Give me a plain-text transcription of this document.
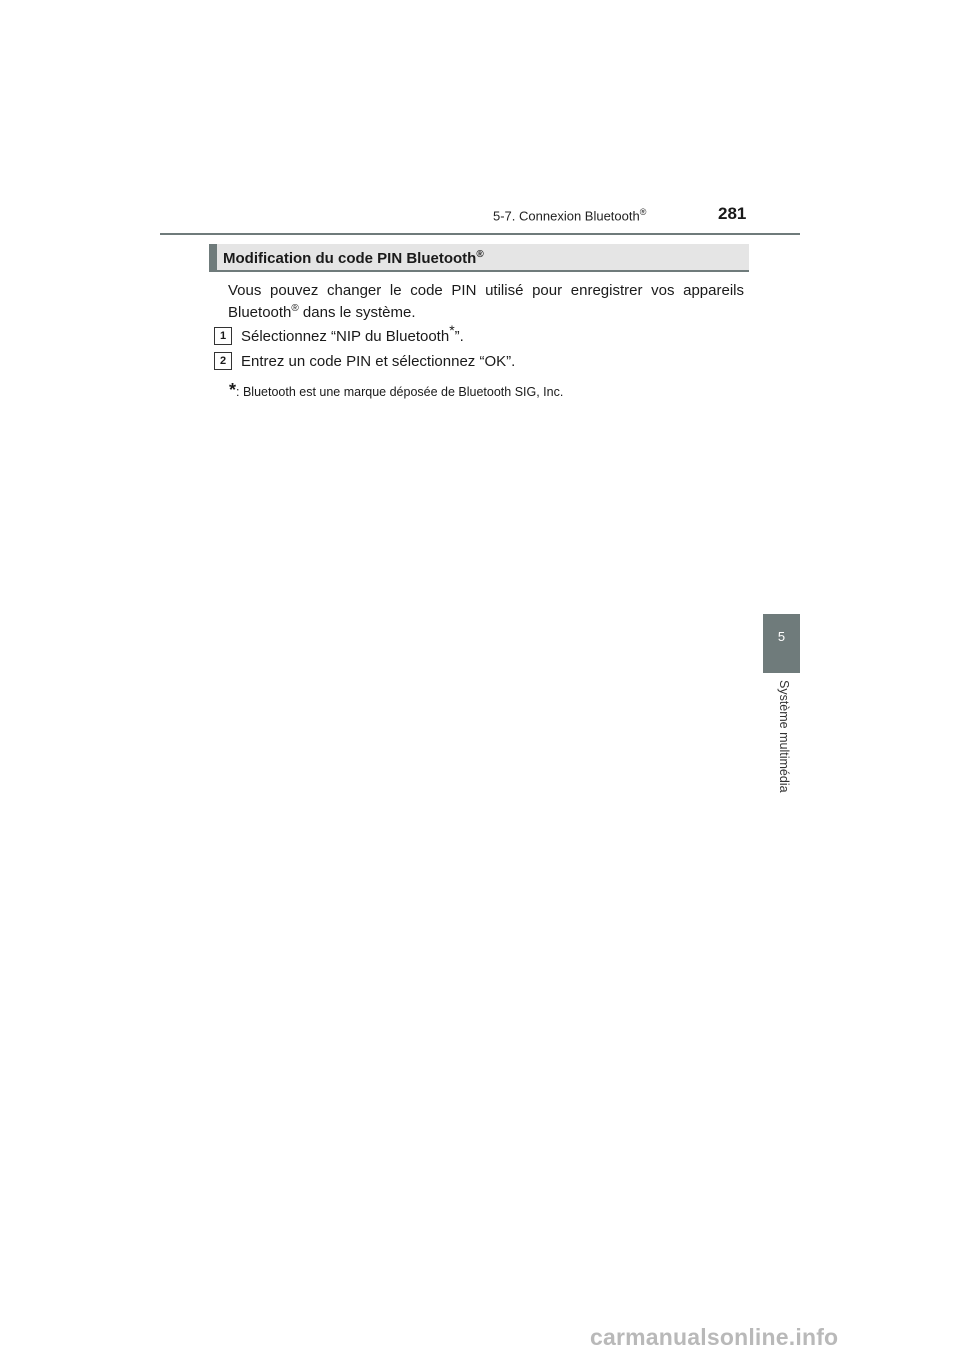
5-7. Connexion Bluetooth®	281
Modification du code PIN Bluetooth®
Vous pouvez changer le code PIN utilisé pour enregistrer vos appareils Bluetooth® dans le système.
1 Sélectionnez “NIP du Bluetooth*”.
2 Entrez un code PIN et sélectionnez “OK”.
*: Bluetooth est une marque déposée de Bluetooth SIG, Inc.
5
Système multimédia
carmanualsonline.info
